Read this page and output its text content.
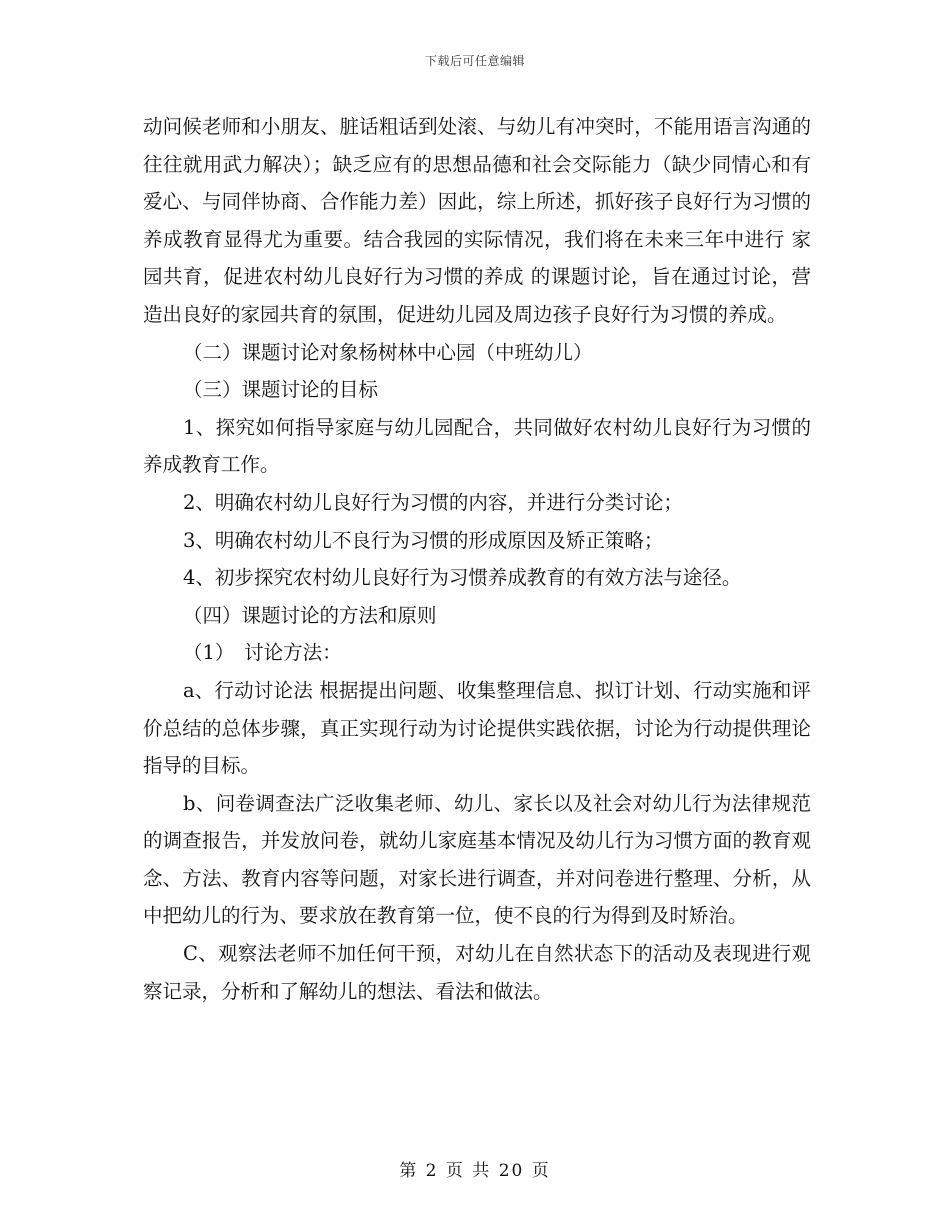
下载后可任意编辑

动问候老师和小朋友、脏话粗话到处滚、与幼儿有冲突时，不能用语言沟通的往往就用武力解决）；缺乏应有的思想品德和社会交际能力（缺少同情心和有爱心、与同伴协商、合作能力差）因此，综上所述，抓好孩子良好行为习惯的养成教育显得尤为重要。结合我园的实际情况，我们将在未来三年中进行 家园共育，促进农村幼儿良好行为习惯的养成 的课题讨论，旨在通过讨论，营造出良好的家园共育的氛围，促进幼儿园及周边孩子良好行为习惯的养成。

（二）课题讨论对象杨树林中心园（中班幼儿）

（三）课题讨论的目标

1、探究如何指导家庭与幼儿园配合，共同做好农村幼儿良好行为习惯的养成教育工作。

2、明确农村幼儿良好行为习惯的内容，并进行分类讨论；

3、明确农村幼儿不良行为习惯的形成原因及矫正策略；

4、初步探究农村幼儿良好行为习惯养成教育的有效方法与途径。

（四）课题讨论的方法和原则

（1）　讨论方法：

a、行动讨论法 根据提出问题、收集整理信息、拟订计划、行动实施和评价总结的总体步骤，真正实现行动为讨论提供实践依据，讨论为行动提供理论指导的目标。

b、问卷调查法广泛收集老师、幼儿、家长以及社会对幼儿行为法律规范的调查报告，并发放问卷，就幼儿家庭基本情况及幼儿行为习惯方面的教育观念、方法、教育内容等问题，对家长进行调查，并对问卷进行整理、分析，从中把幼儿的行为、要求放在教育第一位，使不良的行为得到及时矫治。

C、观察法老师不加任何干预，对幼儿在自然状态下的活动及表现进行观察记录，分析和了解幼儿的想法、看法和做法。

第 2 页 共 20 页
